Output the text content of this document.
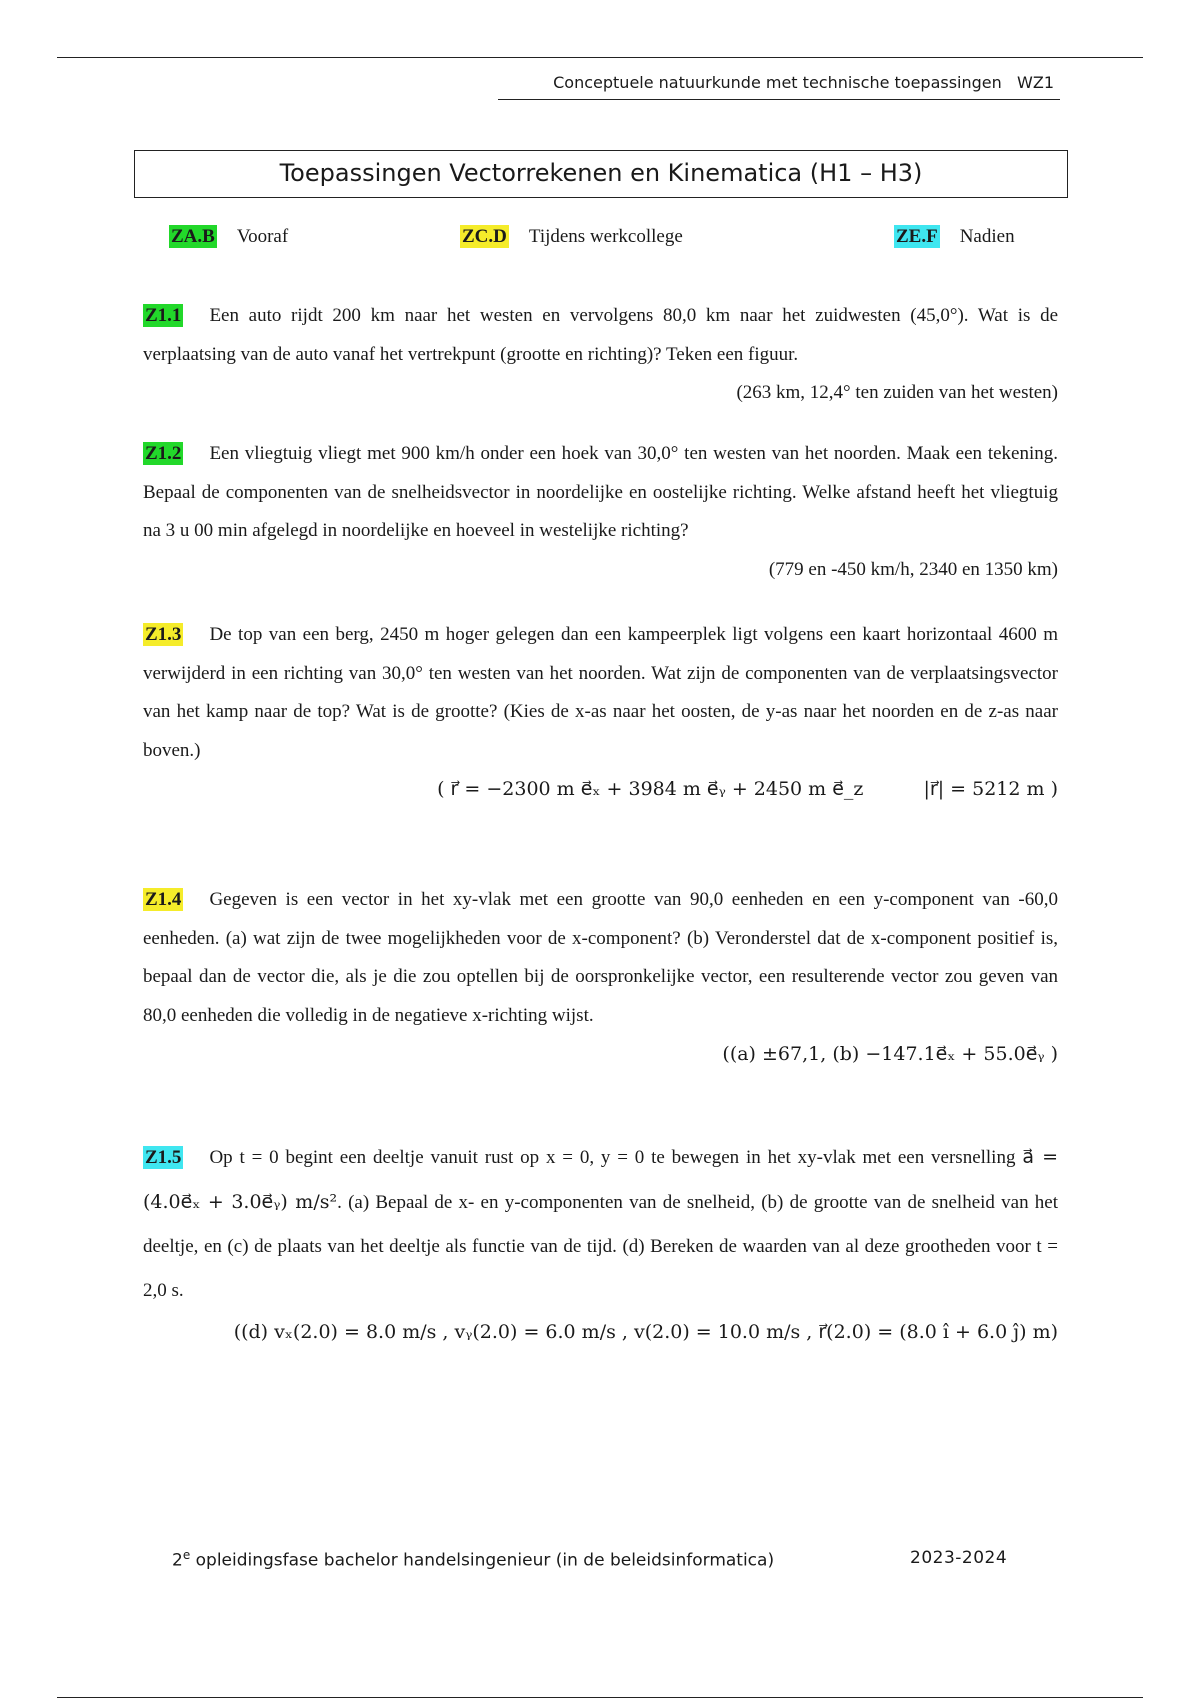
Conceptuele natuurkunde met technische toepassingen   WZ1
Toepassingen Vectorrekenen en Kinematica (H1 – H3)
ZA.B Vooraf	ZC.D Tijdens werkcollege	ZE.F Nadien

Z1.1 Een auto rijdt 200 km naar het westen en vervolgens 80,0 km naar het zuidwesten (45,0°). Wat is de verplaatsing van de auto vanaf het vertrekpunt (grootte en richting)? Teken een figuur.

(263 km, 12,4° ten zuiden van het westen)

Z1.2 Een vliegtuig vliegt met 900 km/h onder een hoek van 30,0° ten westen van het noorden. Maak een tekening. Bepaal de componenten van de snelheidsvector in noordelijke en oostelijke richting. Welke afstand heeft het vliegtuig na 3 u 00 min afgelegd in noordelijke en hoeveel in westelijke richting?

(779 en -450 km/h, 2340 en 1350 km)

Z1.3 De top van een berg, 2450 m hoger gelegen dan een kampeerplek ligt volgens een kaart horizontaal 4600 m verwijderd in een richting van 30,0° ten westen van het noorden. Wat zijn de componenten van de verplaatsingsvector van het kamp naar de top? Wat is de grootte? (Kies de x-as naar het oosten, de y-as naar het noorden en de z-as naar boven.)

( r⃗ = −2300 m e⃗ₓ + 3984 m e⃗ᵧ + 2450 m e⃗_z	|r⃗| = 5212 m )

Z1.4 Gegeven is een vector in het xy-vlak met een grootte van 90,0 eenheden en een y-component van -60,0 eenheden. (a) wat zijn de twee mogelijkheden voor de x-component? (b) Veronderstel dat de x-component positief is, bepaal dan de vector die, als je die zou optellen bij de oorspronkelijke vector, een resulterende vector zou geven van 80,0 eenheden die volledig in de negatieve x-richting wijst.

((a) ±67,1, (b) −147.1e⃗ₓ + 55.0e⃗ᵧ )

Z1.5 Op t = 0 begint een deeltje vanuit rust op x = 0, y = 0 te bewegen in het xy-vlak met een versnelling a⃗ = (4.0e⃗ₓ + 3.0e⃗ᵧ) m/s². (a) Bepaal de x- en y-componenten van de snelheid, (b) de grootte van de snelheid van het deeltje, en (c) de plaats van het deeltje als functie van de tijd. (d) Bereken de waarden van al deze grootheden voor t = 2,0 s.

((d) vₓ(2.0) = 8.0 m/s , vᵧ(2.0) = 6.0 m/s , v(2.0) = 10.0 m/s , r⃗(2.0) = (8.0 î + 6.0 ĵ) m)
2e opleidingsfase bachelor handelsingenieur (in de beleidsinformatica)	2023-2024
